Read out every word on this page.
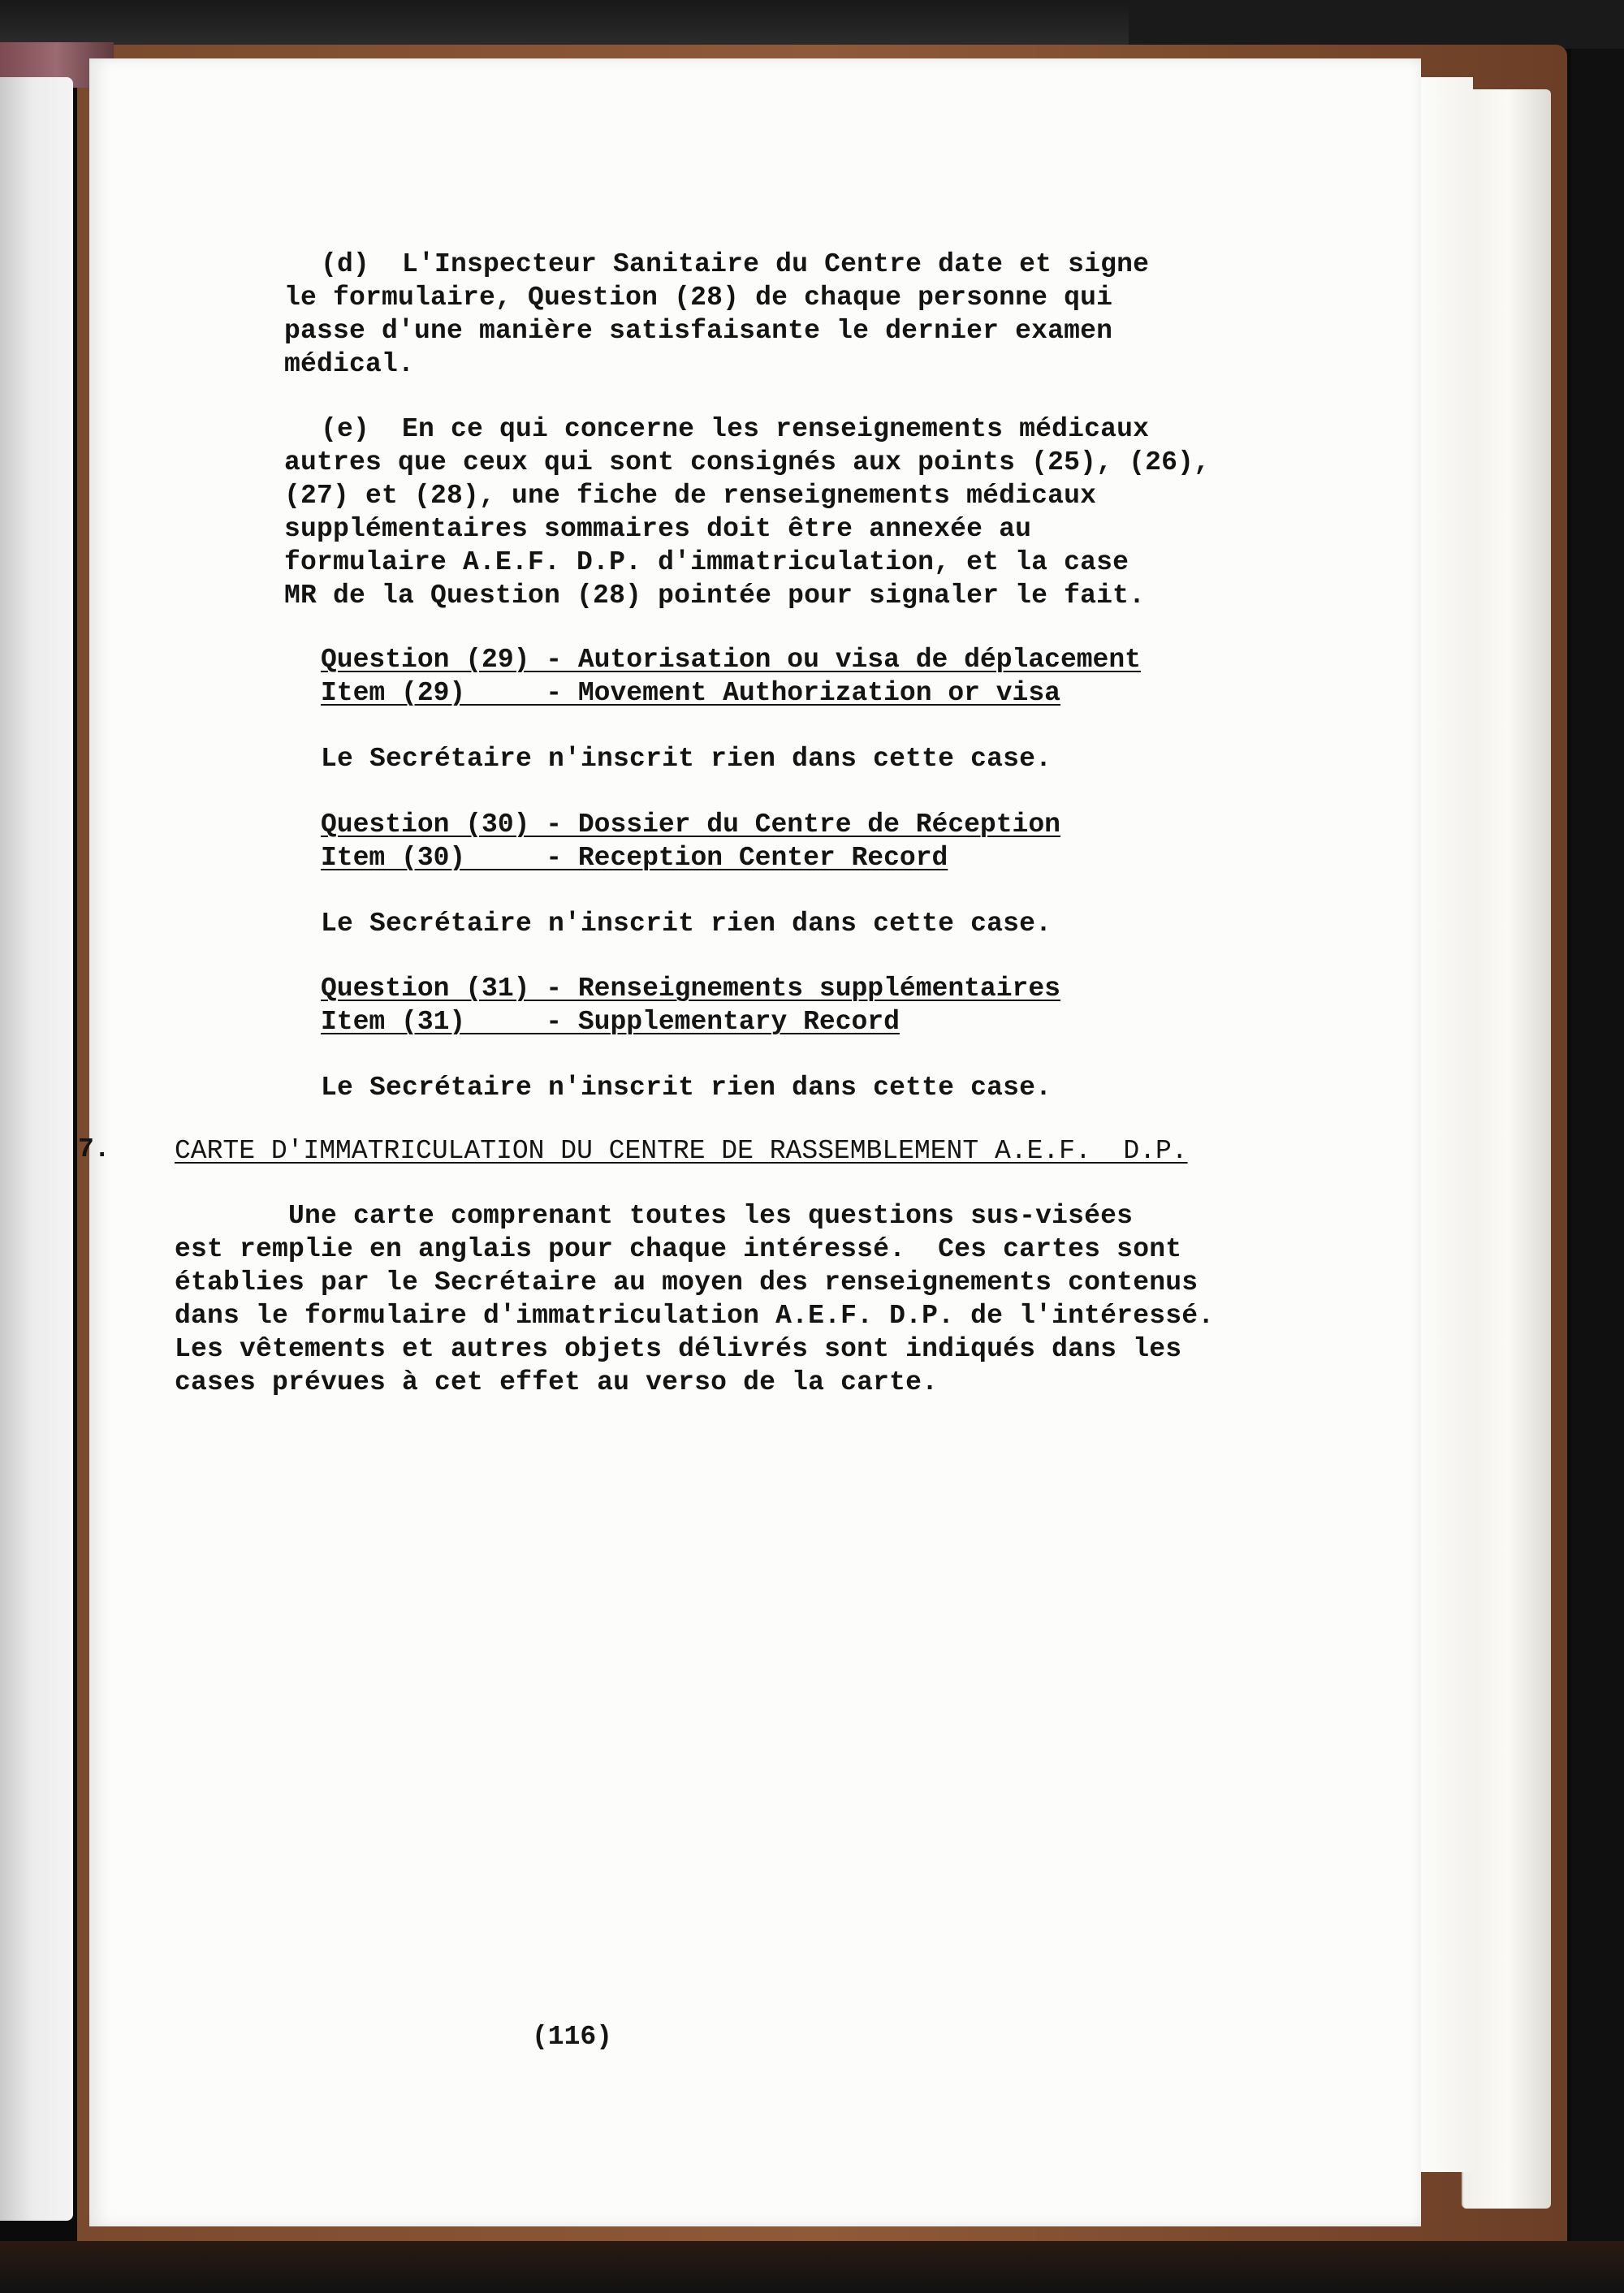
(d)  L'Inspecteur Sanitaire du Centre date et signe
le formulaire, Question (28) de chaque personne qui
passe d'une manière satisfaisante le dernier examen
médical.
(e)  En ce qui concerne les renseignements médicaux
autres que ceux qui sont consignés aux points (25), (26),
(27) et (28), une fiche de renseignements médicaux
supplémentaires sommaires doit être annexée au
formulaire A.E.F. D.P. d'immatriculation, et la case
MR de la Question (28) pointée pour signaler le fait.
Question (29) - Autorisation ou visa de déplacement
Item (29)     - Movement Authorization or visa
Le Secrétaire n'inscrit rien dans cette case.
Question (30) - Dossier du Centre de Réception
Item (30)     - Reception Center Record
Le Secrétaire n'inscrit rien dans cette case.
Question (31) - Renseignements supplémentaires
Item (31)     - Supplementary Record
Le Secrétaire n'inscrit rien dans cette case.
7. CARTE D'IMMATRICULATION DU CENTRE DE RASSEMBLEMENT A.E.F.  D.P.
Une carte comprenant toutes les questions sus-visées
est remplie en anglais pour chaque intéressé.  Ces cartes sont
établies par le Secrétaire au moyen des renseignements contenus
dans le formulaire d'immatriculation A.E.F. D.P. de l'intéressé.
Les vêtements et autres objets délivrés sont indiqués dans les
cases prévues à cet effet au verso de la carte.
(116)
